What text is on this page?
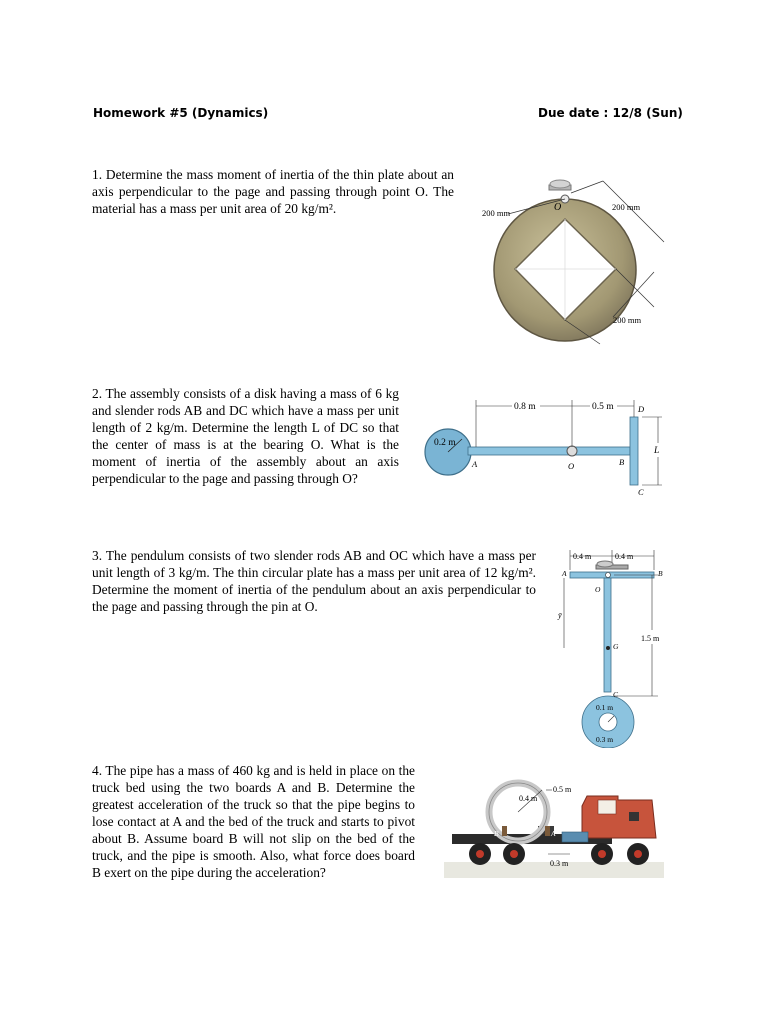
Homework #5 (Dynamics)	Due date : 12/8 (Sun)
1. Determine the mass moment of inertia of the thin plate about an axis perpendicular to the page and passing through point O. The material has a mass per unit area of 20 kg/m².	O
200 mm
200 mm
200 mm
2. The assembly consists of a disk having a mass of 6 kg and slender rods AB and DC which have a mass per unit length of 2 kg/m. Determine the length L of DC so that the center of mass is at the bearing O. What is the moment of inertia of the assembly about an axis perpendicular to the page and passing through O?
0.2 m
0.8 m	0.5 m
L
A	O	B
C
D
3. The pendulum consists of two slender rods AB and OC which have a mass per unit length of 3 kg/m. The thin circular plate has a mass per unit area of 12 kg/m². Determine the moment of inertia of the pendulum about an axis perpendicular to the page and passing through the pin at O.
0.4 m	0.4 m
ȳ
1.5 m
A	B
O
G
C
0.1 m
0.3 m
4. The pipe has a mass of 460 kg and is held in place on the truck bed using the two boards A and B. Determine the greatest acceleration of the truck so that the pipe begins to lose contact at A and the bed of the truck and starts to pivot about B. Assume board B will not slip on the bed of the truck, and the pipe is smooth. Also, what force does board B exert on the pipe during the acceleration?
0.4 m
B	A
0.5 m
0.3 m
